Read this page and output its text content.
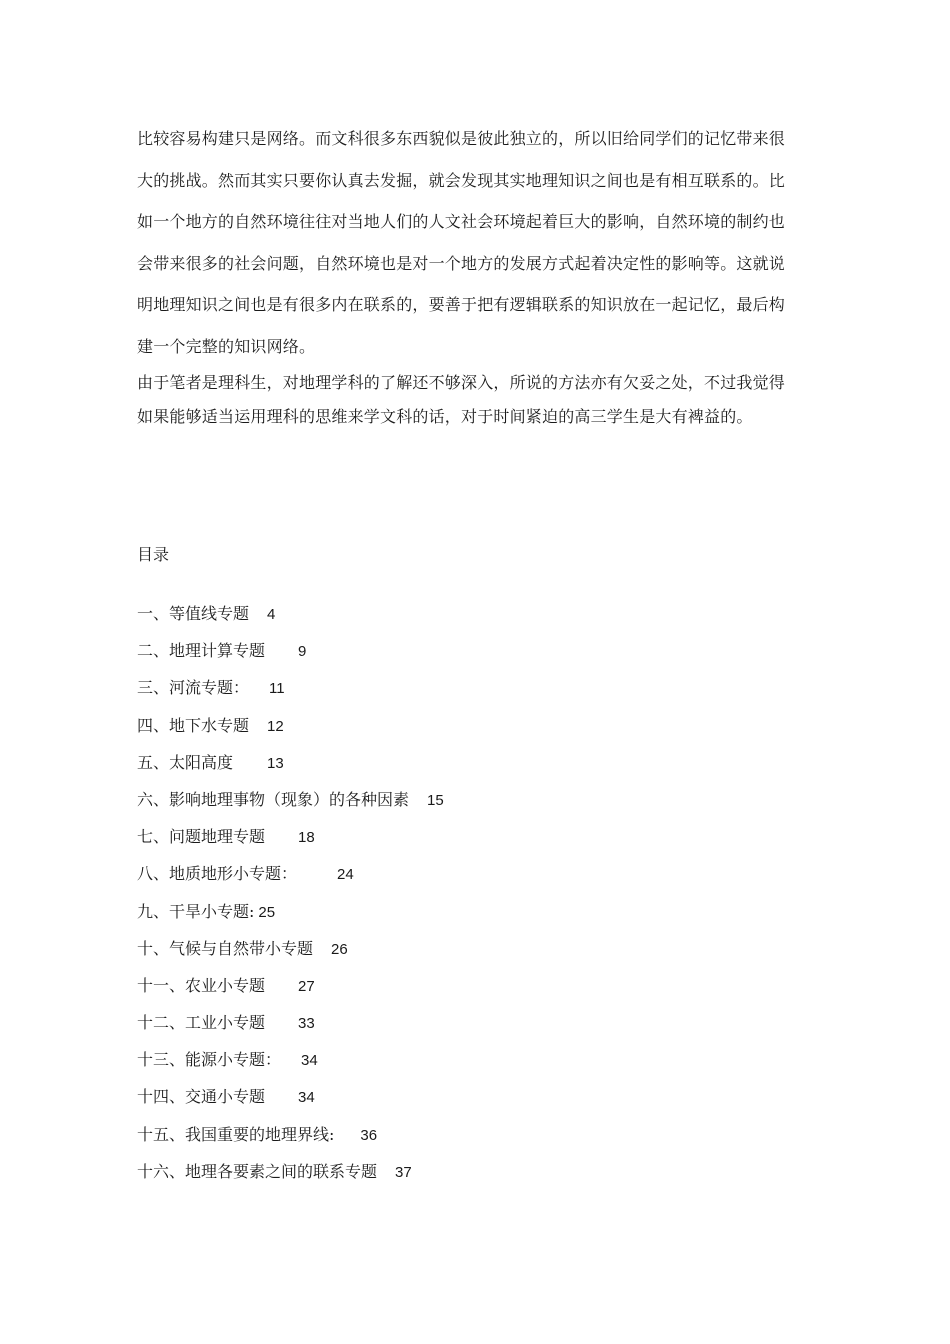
比较容易构建只是网络。而文科很多东西貌似是彼此独立的，所以旧给同学们的记忆带来很
大的挑战。然而其实只要你认真去发掘，就会发现其实地理知识之间也是有相互联系的。比
如一个地方的自然环境往往对当地人们的人文社会环境起着巨大的影响，自然环境的制约也
会带来很多的社会问题，自然环境也是对一个地方的发展方式起着决定性的影响等。这就说
明地理知识之间也是有很多内在联系的，要善于把有逻辑联系的知识放在一起记忆，最后构
建一个完整的知识网络。
由于笔者是理科生，对地理学科的了解还不够深入，所说的方法亦有欠妥之处，不过我觉得
如果能够适当运用理科的思维来学文科的话，对于时间紧迫的高三学生是大有裨益的。
目录
一、等值线专题 4
二、地理计算专题 9
三、河流专题： 11
四、地下水专题 12
五、太阳高度 13
六、影响地理事物（现象）的各种因素 15
七、问题地理专题 18
八、地质地形小专题：	24
九、干旱小专题: 25
十、气候与自然带小专题 26
十一、农业小专题 27
十二、工业小专题 33
十三、能源小专题： 34
十四、交通小专题 34
十五、我国重要的地理界线: 36
十六、地理各要素之间的联系专题 37
